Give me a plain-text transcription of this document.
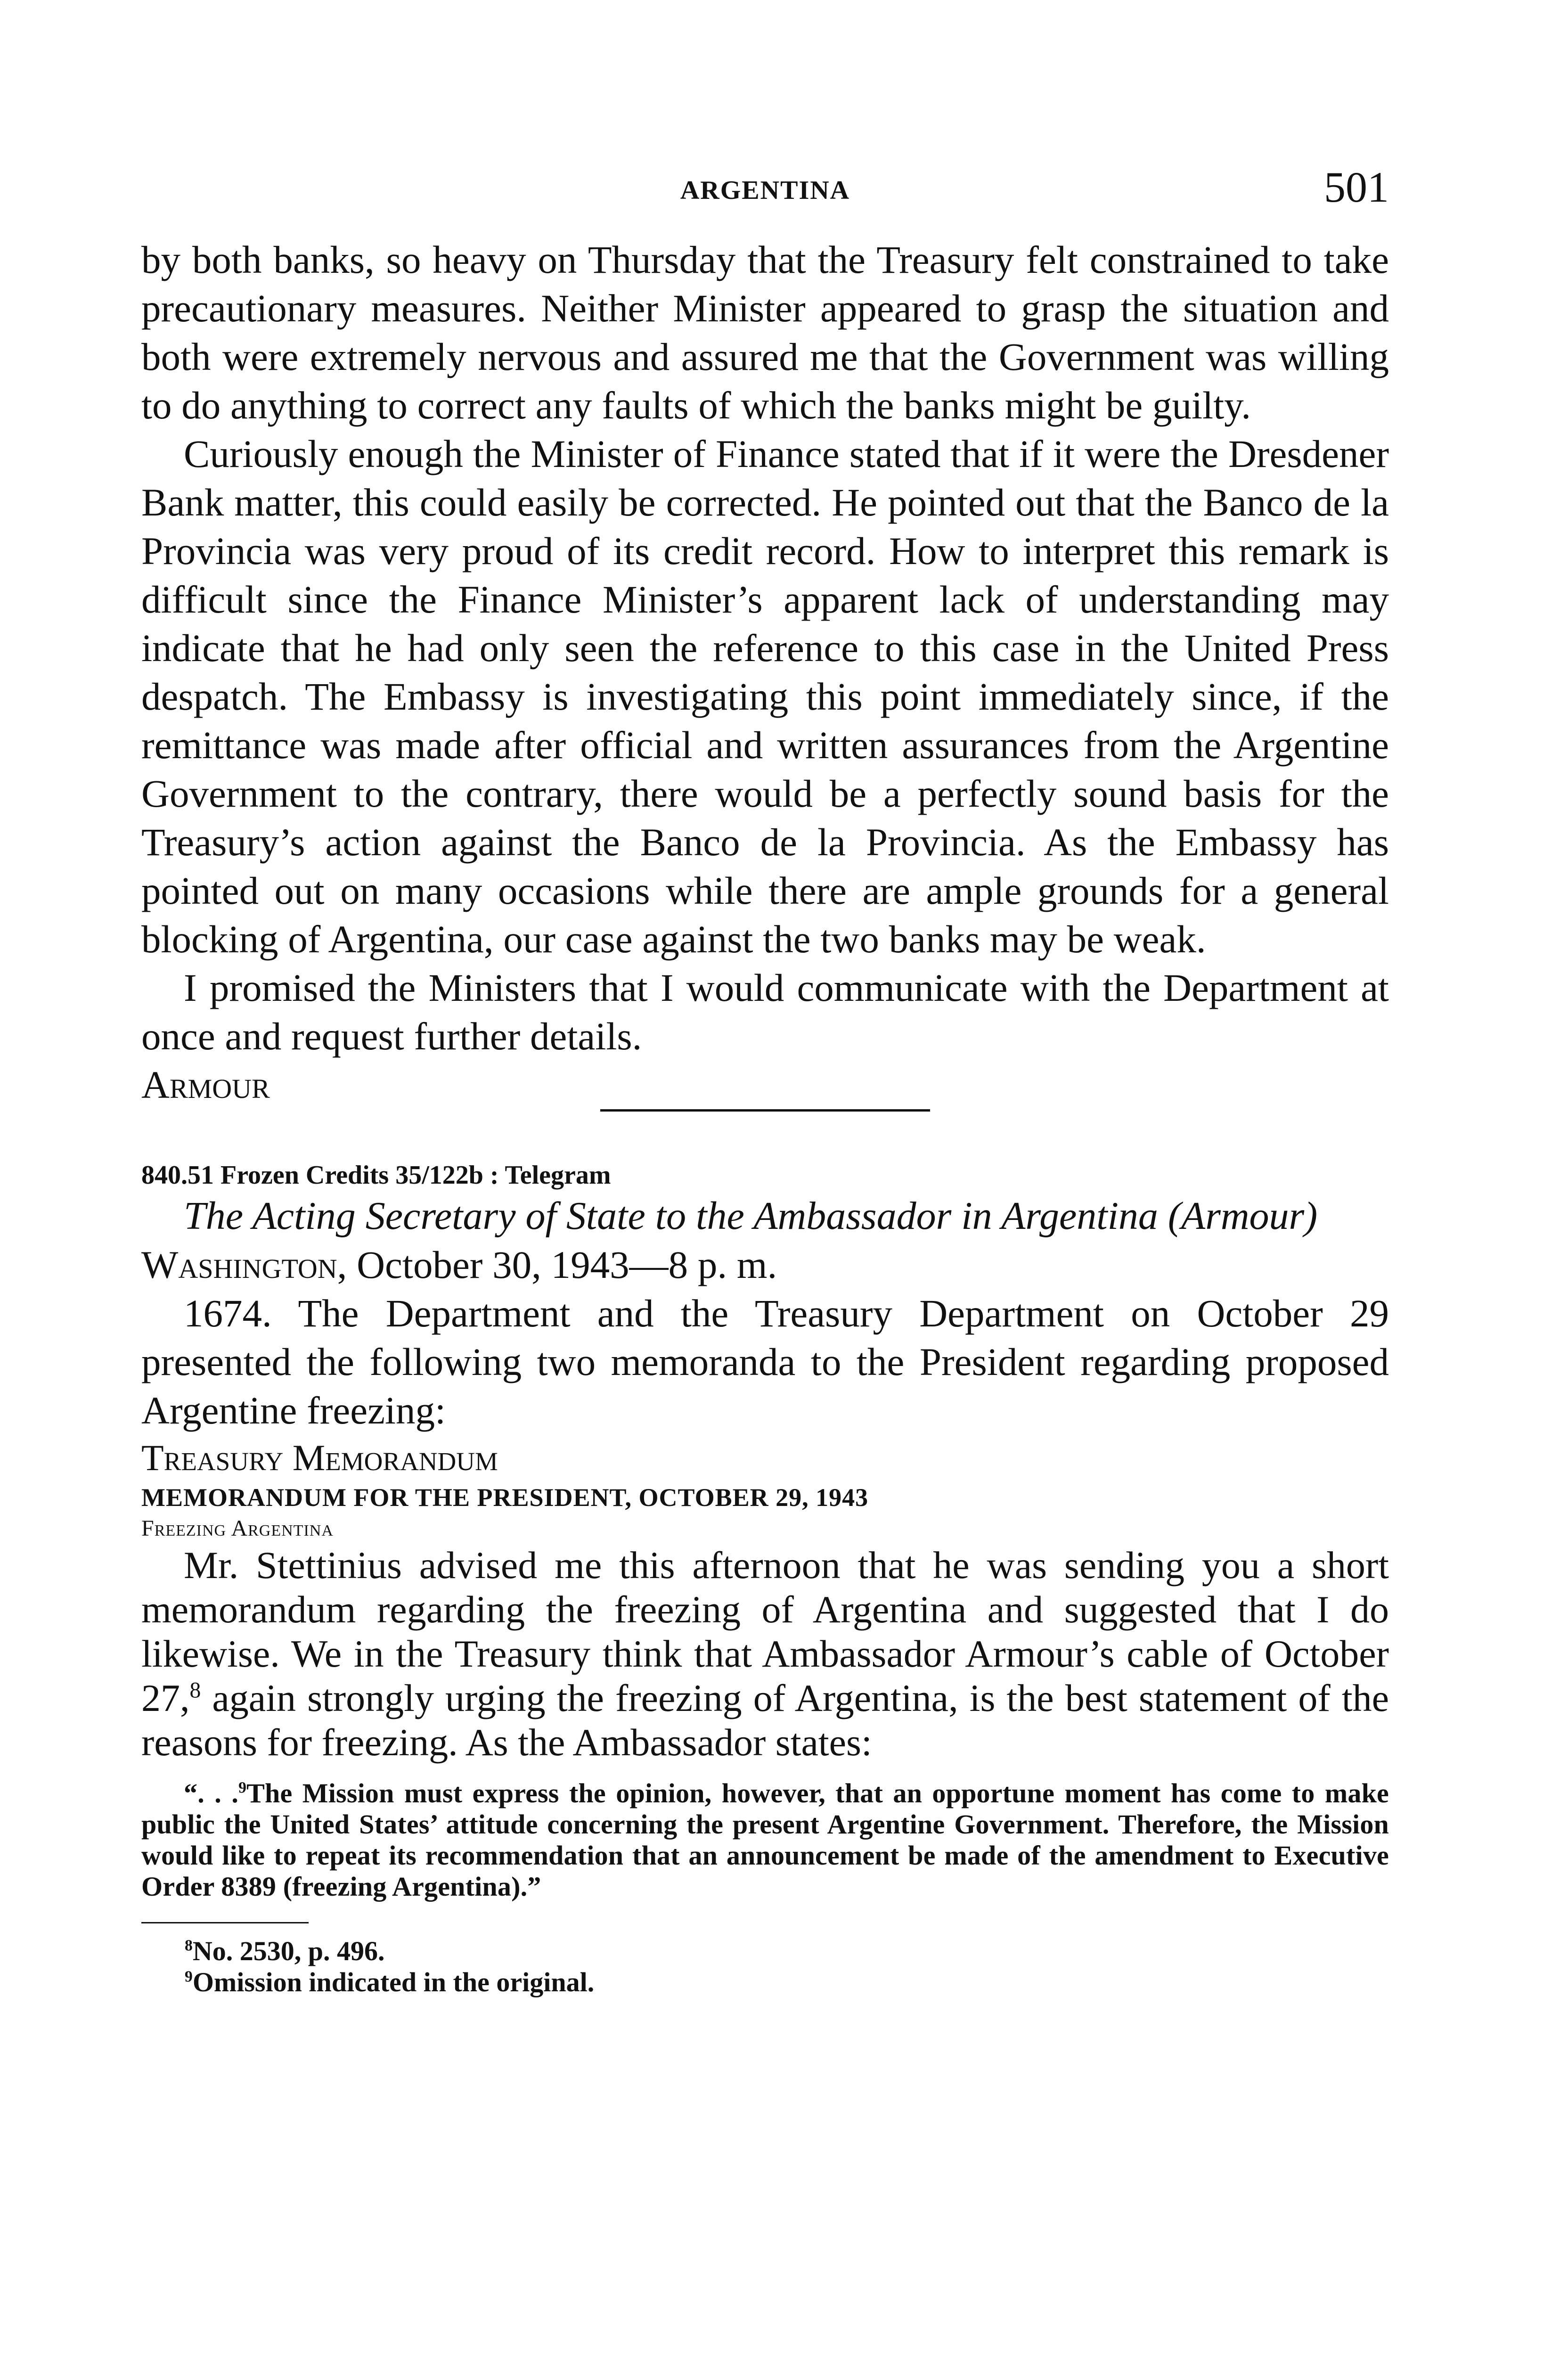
ARGENTINA	501

by both banks, so heavy on Thursday that the Treasury felt constrained to take precautionary measures. Neither Minister appeared to grasp the situation and both were extremely nervous and assured me that the Government was willing to do anything to correct any faults of which the banks might be guilty.

Curiously enough the Minister of Finance stated that if it were the Dresdener Bank matter, this could easily be corrected. He pointed out that the Banco de la Provincia was very proud of its credit record. How to interpret this remark is difficult since the Finance Minister’s apparent lack of understanding may indicate that he had only seen the reference to this case in the United Press despatch. The Embassy is investigating this point immediately since, if the remittance was made after official and written assurances from the Argentine Government to the contrary, there would be a perfectly sound basis for the Treasury’s action against the Banco de la Provincia. As the Embassy has pointed out on many occasions while there are ample grounds for a general blocking of Argentina, our case against the two banks may be weak.

I promised the Ministers that I would communicate with the Department at once and request further details.

Armour

840.51 Frozen Credits 35/122b : Telegram

The Acting Secretary of State to the Ambassador in Argentina (Armour)

Washington, October 30, 1943—8 p. m.

1674. The Department and the Treasury Department on October 29 presented the following two memoranda to the President regarding proposed Argentine freezing:

Treasury Memorandum

MEMORANDUM FOR THE PRESIDENT, OCTOBER 29, 1943

Freezing Argentina

Mr. Stettinius advised me this afternoon that he was sending you a short memorandum regarding the freezing of Argentina and suggested that I do likewise. We in the Treasury think that Ambassador Armour’s cable of October 27,$^8$ again strongly urging the freezing of Argentina, is the best statement of the reasons for freezing. As the Ambassador states:

“. . .$^9$The Mission must express the opinion, however, that an opportune moment has come to make public the United States’ attitude concerning the present Argentine Government. Therefore, the Mission would like to repeat its recommendation that an announcement be made of the amendment to Executive Order 8389 (freezing Argentina).”

$^8$No. 2530, p. 496.
$^9$Omission indicated in the original.
